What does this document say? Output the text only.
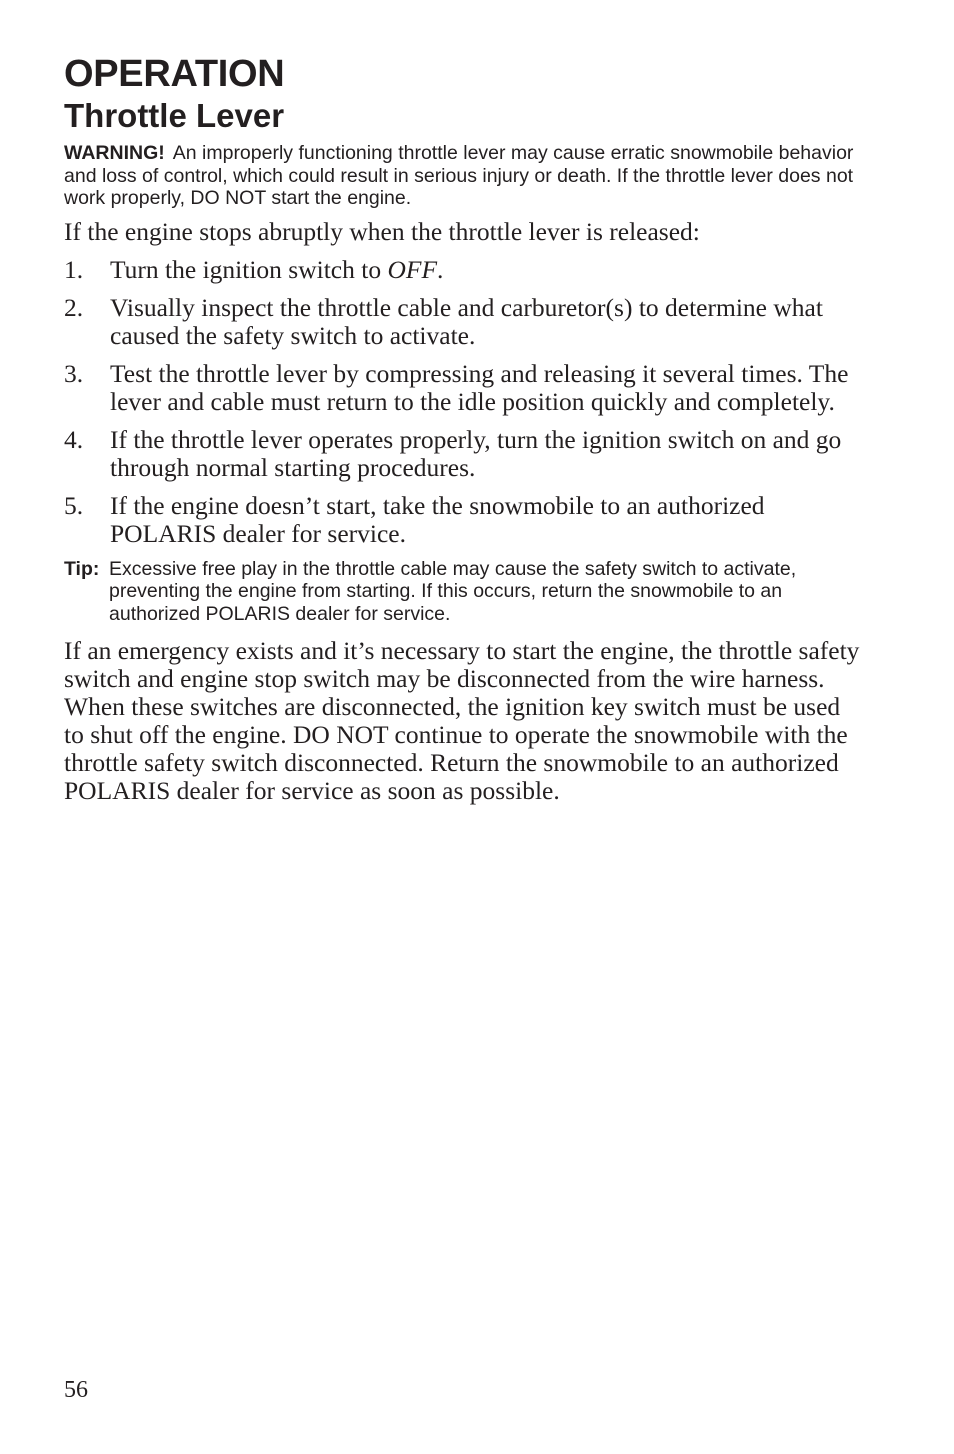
OPERATION
Throttle Lever

WARNING! An improperly functioning throttle lever may cause erratic snowmobile behavior and loss of control, which could result in serious injury or death. If the throttle lever does not work properly, DO NOT start the engine.

If the engine stops abruptly when the throttle lever is released:

1.	Turn the ignition switch to OFF.
2.	Visually inspect the throttle cable and carburetor(s) to determine what caused the safety switch to activate.
3.	Test the throttle lever by compressing and releasing it several times. The lever and cable must return to the idle position quickly and completely.
4.	If the throttle lever operates properly, turn the ignition switch on and go through normal starting procedures.
5.	If the engine doesn’t start, take the snowmobile to an authorized POLARIS dealer for service.
Tip: Excessive free play in the throttle cable may cause the safety switch to activate, preventing the engine from starting. If this occurs, return the snowmobile to an authorized POLARIS dealer for service.

If an emergency exists and it’s necessary to start the engine, the throttle safety switch and engine stop switch may be disconnected from the wire harness. When these switches are disconnected, the ignition key switch must be used to shut off the engine. DO NOT continue to operate the snowmobile with the throttle safety switch disconnected. Return the snowmobile to an authorized POLARIS dealer for service as soon as possible.

56
